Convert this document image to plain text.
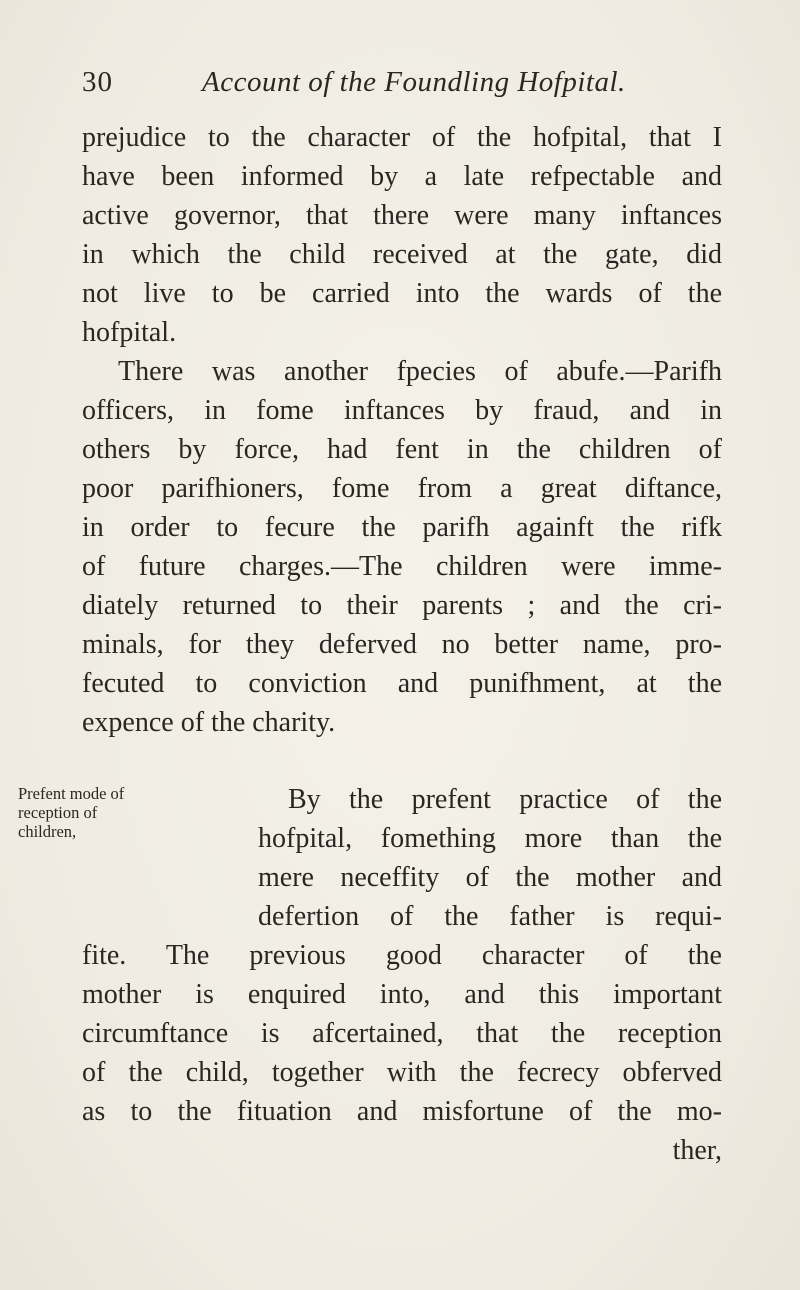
30	Account of the Foundling Hofpital.
prejudice to the character of the hofpital, that I
have been informed by a late refpectable and
active governor, that there were many inftances
in which the child received at the gate, did
not live to be carried into the wards of the
hofpital.
There was another fpecies of abufe.—Parifh
officers, in fome inftances by fraud, and in
others by force, had fent in the children of
poor parifhioners, fome from a great diftance,
in order to fecure the parifh againft the rifk
of future charges.—The children were imme-
diately returned to their parents ; and the cri-
minals, for they deferved no better name, pro-
fecuted to conviction and punifhment, at the
expence of the charity.
Prefent mode of
reception of
children,
By the prefent practice of the
hofpital, fomething more than the
mere neceffity of the mother and
defertion of the father is requi-
fite. The previous good character of the
mother is enquired into, and this important
circumftance is afcertained, that the reception
of the child, together with the fecrecy obferved
as to the fituation and misfortune of the mo-
ther,
